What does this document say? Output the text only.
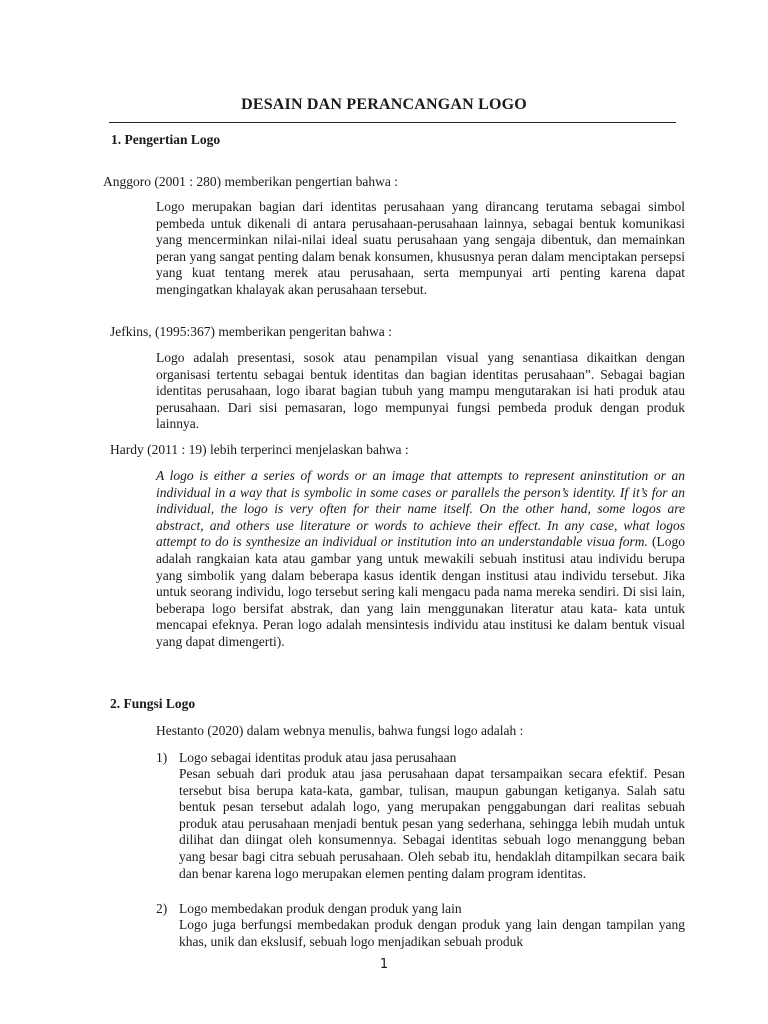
DESAIN DAN PERANCANGAN LOGO
1. Pengertian Logo
Anggoro (2001 : 280) memberikan pengertian bahwa :

Logo merupakan bagian dari identitas perusahaan yang dirancang terutama sebagai simbol pembeda untuk dikenali di antara perusahaan-perusahaan lainnya, sebagai bentuk komunikasi yang mencerminkan nilai-nilai ideal suatu perusahaan yang sengaja dibentuk, dan memainkan peran yang sangat penting dalam benak konsumen, khususnya peran dalam menciptakan persepsi yang kuat tentang merek atau perusahaan, serta mempunyai arti penting karena dapat mengingatkan khalayak akan perusahaan tersebut.

Jefkins, (1995:367) memberikan pengeritan bahwa :

Logo adalah presentasi, sosok atau penampilan visual yang senantiasa dikaitkan dengan organisasi tertentu sebagai bentuk identitas dan bagian identitas perusahaan”. Sebagai bagian identitas perusahaan, logo ibarat bagian tubuh yang mampu mengutarakan isi hati produk atau perusahaan. Dari sisi pemasaran, logo mempunyai fungsi pembeda produk dengan produk lainnya.

Hardy (2011 : 19) lebih terperinci menjelaskan bahwa :

A logo is either a series of words or an image that attempts to represent aninstitution or an individual in a way that is symbolic in some cases or parallels the person’s identity. If it’s for an individual, the logo is very often for their name itself. On the other hand, some logos are abstract, and others use literature or words to achieve their effect. In any case, what logos attempt to do is synthesize an individual or institution into an understandable visua form. (Logo adalah rangkaian kata atau gambar yang untuk mewakili sebuah institusi atau individu berupa yang simbolik yang dalam beberapa kasus identik dengan institusi atau individu tersebut. Jika untuk seorang individu, logo tersebut sering kali mengacu pada nama mereka sendiri. Di sisi lain, beberapa logo bersifat abstrak, dan yang lain menggunakan literatur atau kata- kata untuk mencapai efeknya. Peran logo adalah mensintesis individu atau institusi ke dalam bentuk visual yang dapat dimengerti).

2. Fungsi Logo
Hestanto (2020) dalam webnya menulis, bahwa fungsi logo adalah :
1) Logo sebagai identitas produk atau jasa perusahaan

Pesan sebuah dari produk atau jasa perusahaan dapat tersampaikan secara efektif. Pesan tersebut bisa berupa kata-kata, gambar, tulisan, maupun gabungan ketiganya. Salah satu bentuk pesan tersebut adalah logo, yang merupakan penggabungan dari realitas sebuah produk atau perusahaan menjadi bentuk pesan yang sederhana, sehingga lebih mudah untuk dilihat dan diingat oleh konsumennya. Sebagai identitas sebuah logo menanggung beban yang besar bagi citra sebuah perusahaan. Oleh sebab itu, hendaklah ditampilkan secara baik dan benar karena logo merupakan elemen penting dalam program identitas.

2) Logo membedakan produk dengan produk yang lain

Logo juga berfungsi membedakan produk dengan produk yang lain dengan tampilan yang khas, unik dan ekslusif, sebuah logo menjadikan sebuah produk

1
